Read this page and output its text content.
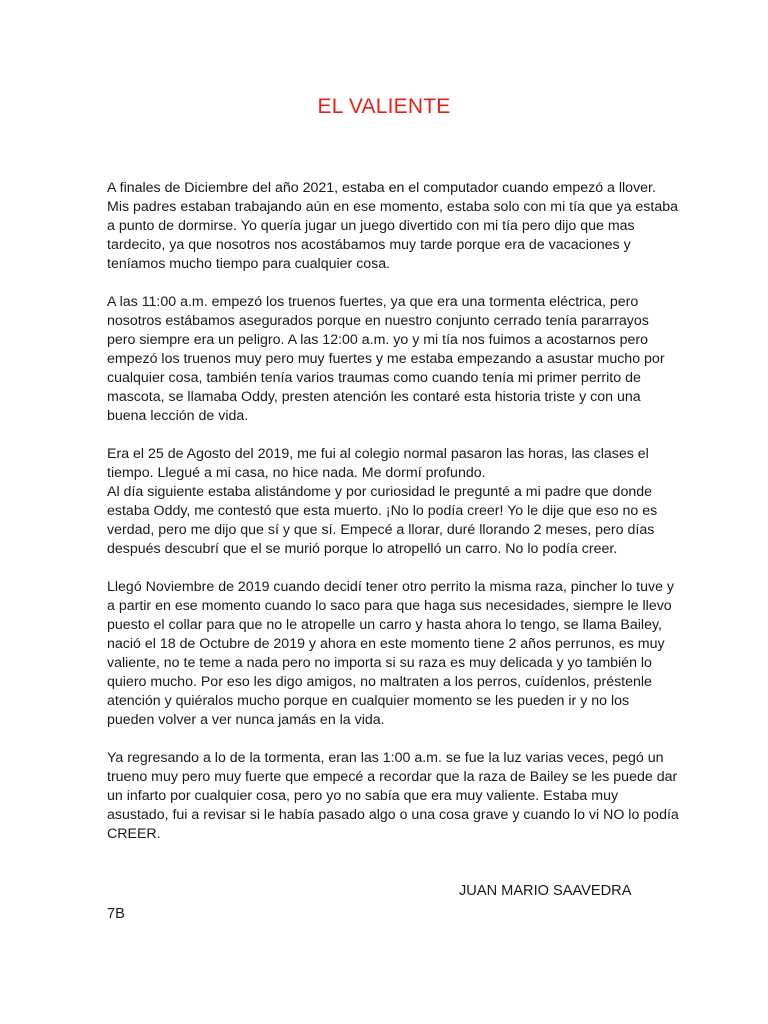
EL VALIENTE

A finales de Diciembre del año 2021, estaba en el computador cuando empezó a llover.
Mis padres estaban trabajando aún en ese momento, estaba solo con mi tía que ya estaba
a punto de dormirse. Yo quería jugar un juego divertido con mi tía pero dijo que mas
tardecito, ya que nosotros nos acostábamos muy tarde porque era de vacaciones y
teníamos mucho tiempo para cualquier cosa.

A las 11:00 a.m. empezó los truenos fuertes, ya que era una tormenta eléctrica, pero
nosotros estábamos asegurados porque en nuestro conjunto cerrado tenía pararrayos
pero siempre era un peligro. A las 12:00 a.m. yo y mi tía nos fuimos a acostarnos pero
empezó los truenos muy pero muy fuertes y me estaba empezando a asustar mucho por
cualquier cosa, también tenía varios traumas como cuando tenía mi primer perrito de
mascota, se llamaba Oddy, presten atención les contaré esta historia triste y con una
buena lección de vida.

Era el 25 de Agosto del 2019, me fui al colegio normal pasaron las horas, las clases el
tiempo. Llegué a mi casa, no hice nada. Me dormí profundo.
Al día siguiente estaba alistándome y por curiosidad le pregunté a mi padre que donde
estaba Oddy, me contestó que esta muerto. ¡No lo podía creer! Yo le dije que eso no es
verdad, pero me dijo que sí y que sí. Empecé a llorar, duré llorando 2 meses, pero días
después descubrí que el se murió porque lo atropelló un carro. No lo podía creer.

Llegó Noviembre de 2019 cuando decidí tener otro perrito la misma raza, pincher lo tuve y
a partir en ese momento cuando lo saco para que haga sus necesidades, siempre le llevo
puesto el collar para que no le atropelle un carro y hasta ahora lo tengo, se llama Bailey,
nació el 18 de Octubre de 2019 y ahora en este momento tiene 2 años perrunos, es muy
valiente, no te teme a nada pero no importa si su raza es muy delicada y yo también lo
quiero mucho. Por eso les digo amigos, no maltraten a los perros, cuídenlos, préstenle
atención y quiéralos mucho porque en cualquier momento se les pueden ir y no los
pueden volver a ver nunca jamás en la vida.

Ya regresando a lo de la tormenta, eran las 1:00 a.m. se fue la luz varias veces, pegó un
trueno muy pero muy fuerte que empecé a recordar que la raza de Bailey se les puede dar
un infarto por cualquier cosa, pero yo no sabía que era muy valiente. Estaba muy
asustado, fui a revisar si le había pasado algo o una cosa grave y cuando lo vi NO lo podía
CREER.

JUAN MARIO SAAVEDRA
7B
